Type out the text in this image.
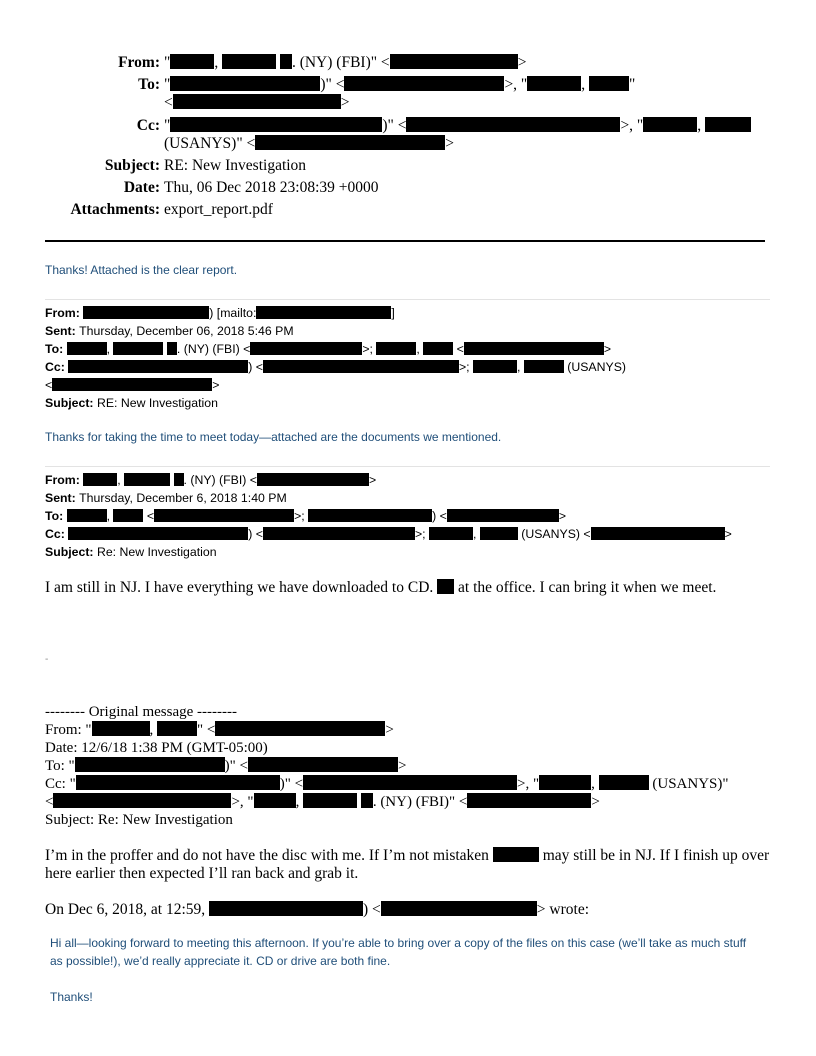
From: "	,	. (NY) (FBI)" <	>
To: "	)" <	>, "	,	"
<	>
Cc: "	)" <	>, "	,
(USANYS)" <	>
Subject: RE: New Investigation
Date: Thu, 06 Dec 2018 23:08:39 +0000
Attachments: export_report.pdf
Thanks! Attached is the clear report.
From:	) [mailto:	]
Sent: Thursday, December 06, 2018 5:46 PM
To:	,	. (NY) (FBI) <	>;	,  <	>
Cc:	) <	>;	,	(USANYS)
<	>
Subject: RE: New Investigation
Thanks for taking the time to meet today—attached are the documents we mentioned.
From:	,	. (NY) (FBI) <	>
Sent: Thursday, December 6, 2018 1:40 PM
To:	,  <	>;	) <	>
Cc:	) <	>;	,	(USANYS) <	>
Subject: Re: New Investigation
I am still in NJ. I have everything we have downloaded to CD.  at the office. I can bring it when we meet.
-
-------- Original message --------
From: "	,	" <	>
Date: 12/6/18 1:38 PM (GMT-05:00)
To: "	)" <	>
Cc: "	)" <	>, "	,	(USANYS)"
<	>, "	,	. (NY) (FBI)" <	>
Subject: Re: New Investigation
I’m in the proffer and do not have the disc with me. If I’m not mistaken	may still be in NJ. If I finish up over here earlier then expected I’ll ran back and grab it.
On Dec 6, 2018, at 12:59,	) <	> wrote:
Hi all—looking forward to meeting this afternoon. If you’re able to bring over a copy of the files on this case (we’ll take as much stuff as possible!), we’d really appreciate it. CD or drive are both fine.
Thanks!
